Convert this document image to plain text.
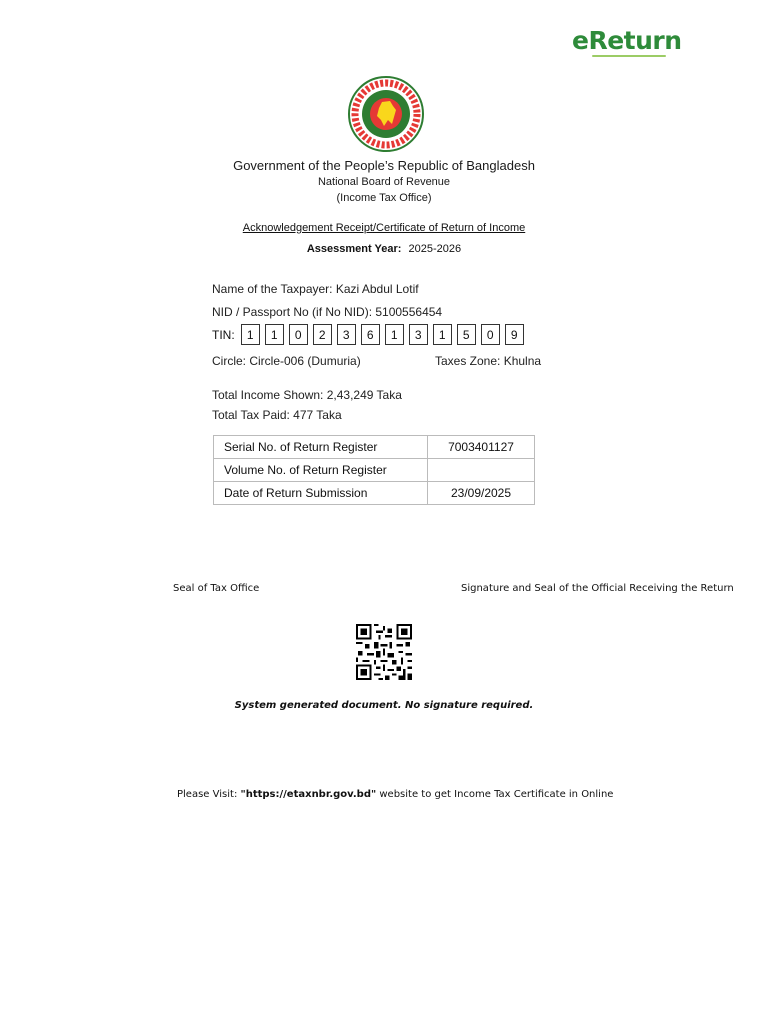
eReturn
Government of the People’s Republic of Bangladesh
National Board of Revenue
(Income Tax Office)
Acknowledgement Receipt/Certificate of Return of Income
Assessment Year: 2025-2026
Name of the Taxpayer: Kazi Abdul Lotif
NID / Passport No (if No NID): 5100556454
TIN:	1	1	0	2	3	6	1	3	1	5	0	9
Circle: Circle-006 (Dumuria)	Taxes Zone: Khulna
Total Income Shown: 2,43,249 Taka
Total Tax Paid: 477 Taka
Serial No. of Return Register	7003401127
Volume No. of Return Register	
Date of Return Submission	23/09/2025
Seal of Tax Office	Signature and Seal of the Official Receiving the Return
System generated document. No signature required.
Please Visit: "https://etaxnbr.gov.bd" website to get Income Tax Certificate in Online
